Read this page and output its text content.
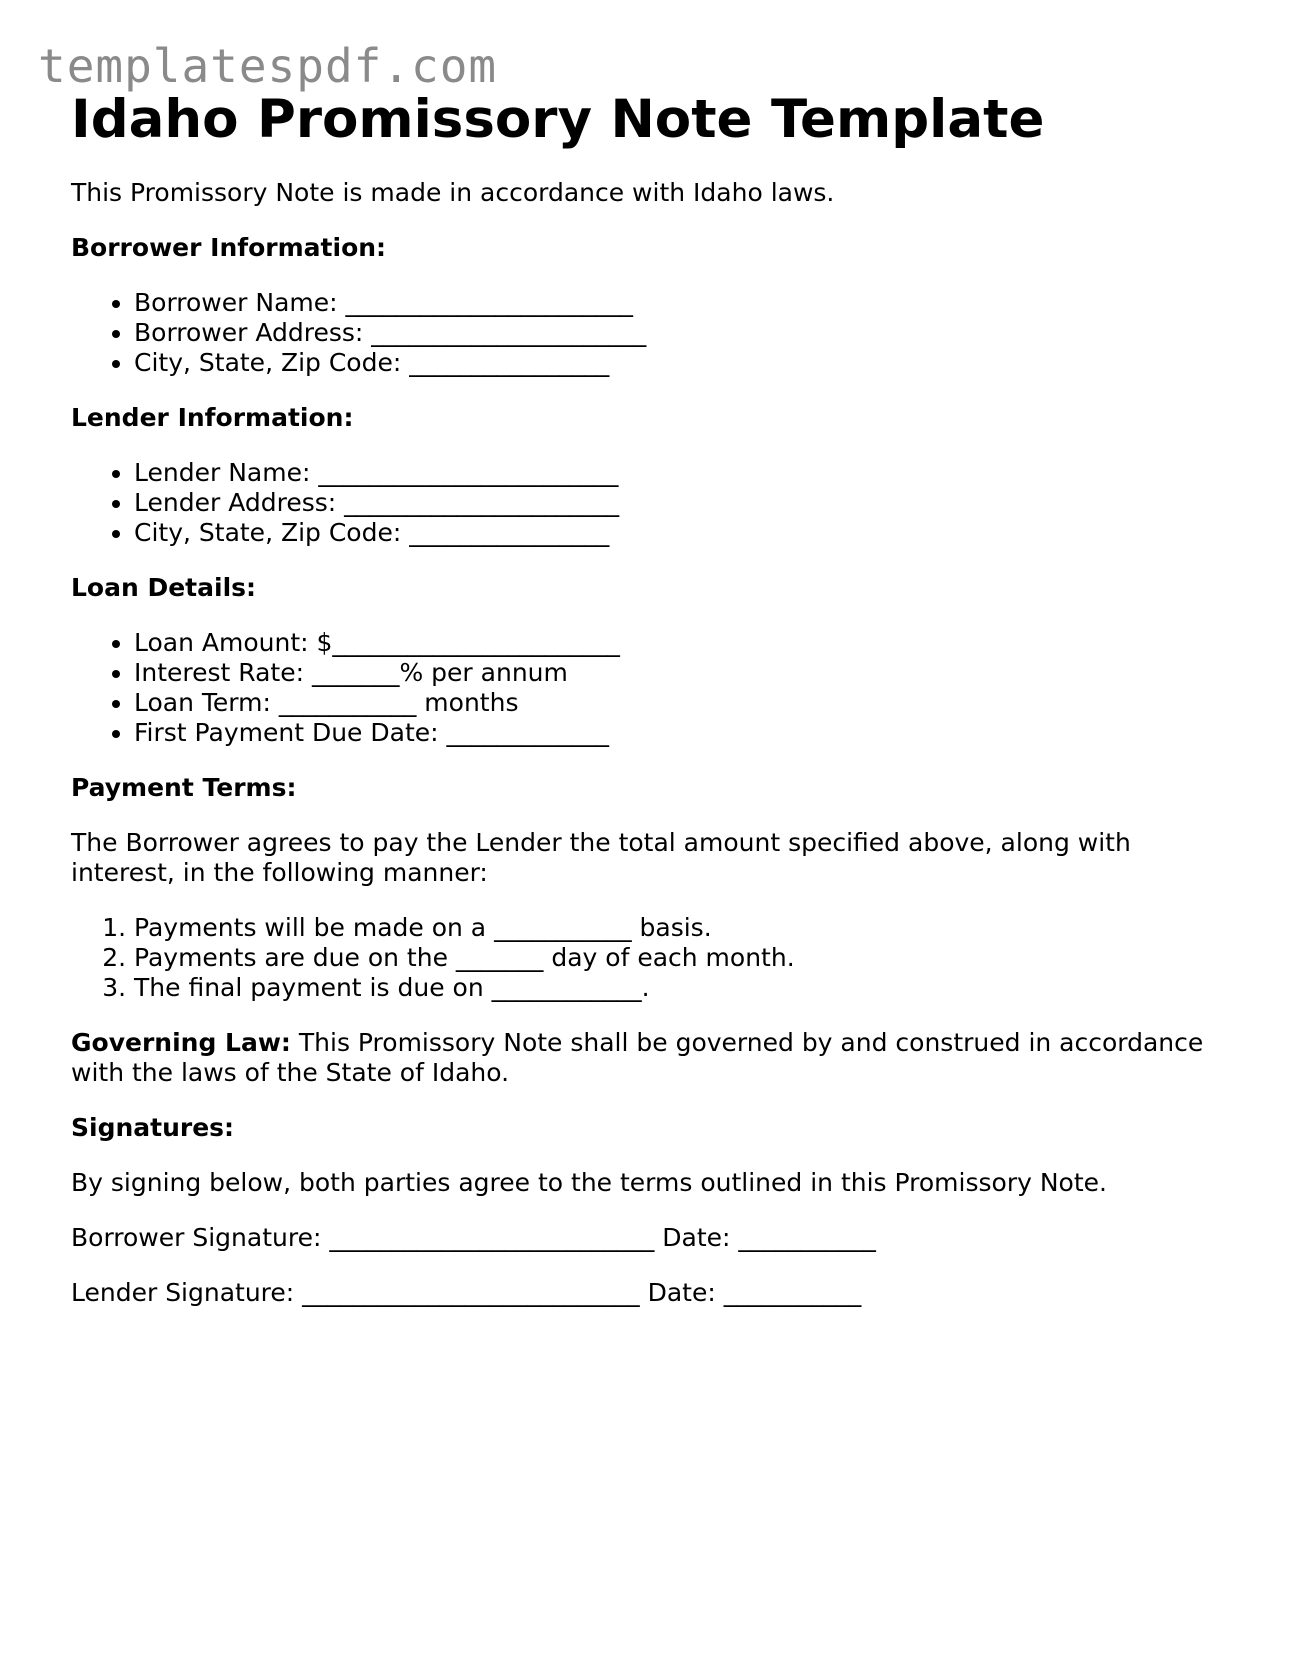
templatespdf.com
Idaho Promissory Note Template

This Promissory Note is made in accordance with Idaho laws.

Borrower Information:

• Borrower Name: _______________________
• Borrower Address: ______________________
• City, State, Zip Code: ________________

Lender Information:

• Lender Name: ________________________
• Lender Address: ______________________
• City, State, Zip Code: ________________

Loan Details:

• Loan Amount: $_______________________
• Interest Rate: _______% per annum
• Loan Term: ___________ months
• First Payment Due Date: _____________

Payment Terms:

The Borrower agrees to pay the Lender the total amount specified above, along with interest, in the following manner:

1. Payments will be made on a ___________ basis.
2. Payments are due on the _______ day of each month.
3. The final payment is due on ____________.

Governing Law: This Promissory Note shall be governed by and construed in accordance with the laws of the State of Idaho.

Signatures:

By signing below, both parties agree to the terms outlined in this Promissory Note.

Borrower Signature: __________________________ Date: ___________

Lender Signature: ___________________________ Date: ___________
